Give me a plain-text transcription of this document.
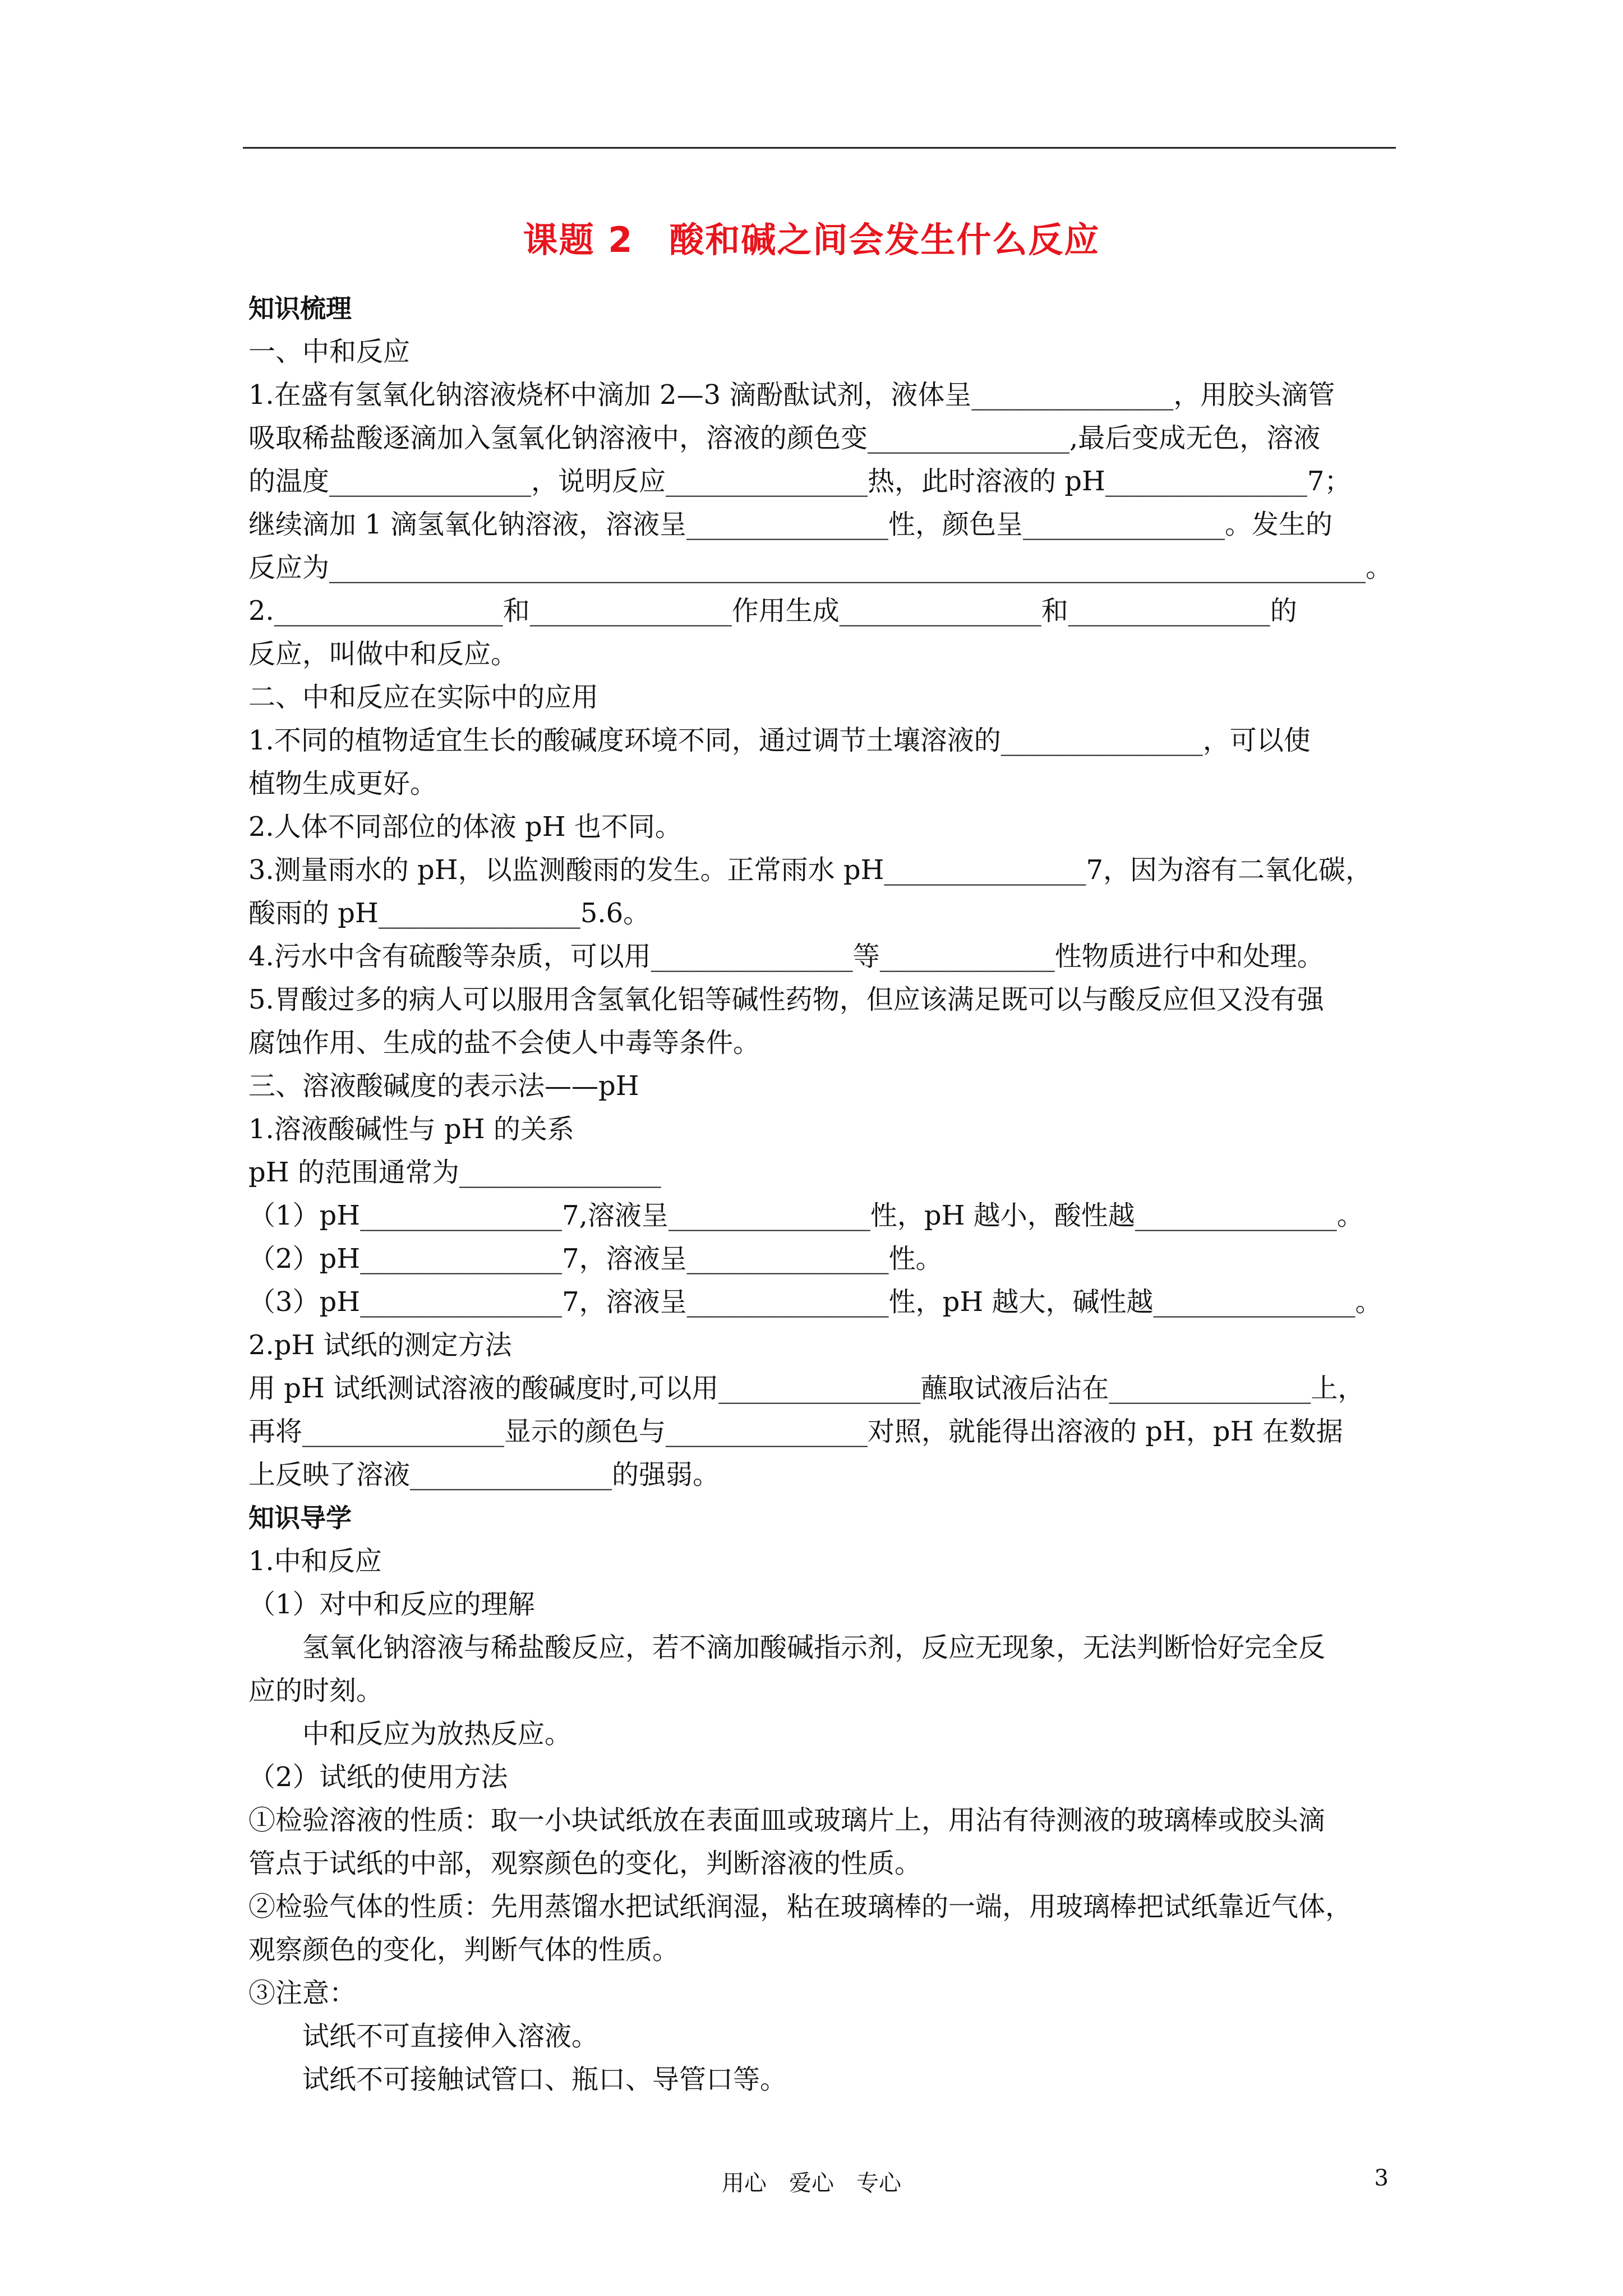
课题 2　酸和碱之间会发生什么反应
知识梳理
一、中和反应
1.在盛有氢氧化钠溶液烧杯中滴加 2—3 滴酚酞试剂，液体呈_______________，用胶头滴管
吸取稀盐酸逐滴加入氢氧化钠溶液中，溶液的颜色变_______________,最后变成无色，溶液
的温度_______________，说明反应_______________热，此时溶液的 pH_______________7；
继续滴加 1 滴氢氧化钠溶液，溶液呈_______________性，颜色呈_______________。发生的
反应为_____________________________________________________________________________。
2._________________和_______________作用生成_______________和_______________的
反应，叫做中和反应。
二、中和反应在实际中的应用
1.不同的植物适宜生长的酸碱度环境不同，通过调节土壤溶液的_______________，可以使
植物生成更好。
2.人体不同部位的体液 pH 也不同。
3.测量雨水的 pH，以监测酸雨的发生。正常雨水 pH_______________7，因为溶有二氧化碳，
酸雨的 pH_______________5.6。
4.污水中含有硫酸等杂质，可以用_______________等_____________性物质进行中和处理。
5.胃酸过多的病人可以服用含氢氧化铝等碱性药物，但应该满足既可以与酸反应但又没有强
腐蚀作用、生成的盐不会使人中毒等条件。
三、溶液酸碱度的表示法——pH
1.溶液酸碱性与 pH 的关系
pH 的范围通常为_______________
（1）pH_______________7,溶液呈_______________性，pH 越小，酸性越_______________。
（2）pH_______________7，溶液呈_______________性。
（3）pH_______________7，溶液呈_______________性，pH 越大，碱性越_______________。
2.pH 试纸的测定方法
用 pH 试纸测试溶液的酸碱度时,可以用_______________蘸取试液后沾在_______________上，
再将_______________显示的颜色与_______________对照，就能得出溶液的 pH，pH 在数据
上反映了溶液_______________的强弱。
知识导学
1.中和反应
（1）对中和反应的理解
氢氧化钠溶液与稀盐酸反应，若不滴加酸碱指示剂，反应无现象，无法判断恰好完全反
应的时刻。
中和反应为放热反应。
（2）试纸的使用方法
①检验溶液的性质：取一小块试纸放在表面皿或玻璃片上，用沾有待测液的玻璃棒或胶头滴
管点于试纸的中部，观察颜色的变化，判断溶液的性质。
②检验气体的性质：先用蒸馏水把试纸润湿，粘在玻璃棒的一端，用玻璃棒把试纸靠近气体，
观察颜色的变化，判断气体的性质。
③注意：
试纸不可直接伸入溶液。
试纸不可接触试管口、瓶口、导管口等。
用心　爱心　专心	3
